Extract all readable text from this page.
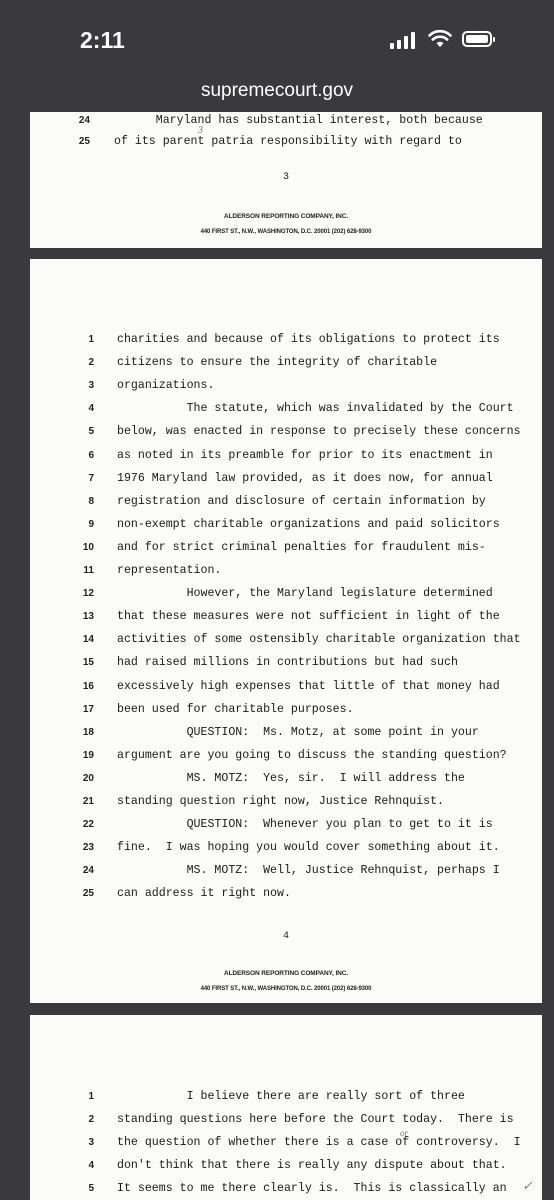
2:11
supremecourt.gov
24 Maryland has substantial interest, both because
25 of its parent patria responsibility with regard to
3
3
ALDERSON REPORTING COMPANY, INC.
440 FIRST ST., N.W., WASHINGTON, D.C. 20001 (202) 628-9300
1 charities and because of its obligations to protect its
2 citizens to ensure the integrity of charitable
3 organizations.
4 The statute, which was invalidated by the Court
5 below, was enacted in response to precisely these concerns
6 as noted in its preamble for prior to its enactment in
7 1976 Maryland law provided, as it does now, for annual
8 registration and disclosure of certain information by
9 non-exempt charitable organizations and paid solicitors
10 and for strict criminal penalties for fraudulent mis-
11 representation.
12 However, the Maryland legislature determined
13 that these measures were not sufficient in light of the
14 activities of some ostensibly charitable organization that
15 had raised millions in contributions but had such
16 excessively high expenses that little of that money had
17 been used for charitable purposes.
18 QUESTION:  Ms. Motz, at some point in your
19 argument are you going to discuss the standing question?
20 MS. MOTZ:  Yes, sir.  I will address the
21 standing question right now, Justice Rehnquist.
22 QUESTION:  Whenever you plan to get to it is
23 fine.  I was hoping you would cover something about it.
24 MS. MOTZ:  Well, Justice Rehnquist, perhaps I
25 can address it right now.
4
ALDERSON REPORTING COMPANY, INC.
440 FIRST ST., N.W., WASHINGTON, D.C. 20001 (202) 628-9300
1 I believe there are really sort of three
2 standing questions here before the Court today.  There is
3 the question of whether there is a case of controversy.  I
4 don't think that there is really any dispute about that.
5 It seems to me there clearly is.  This is classically an
or
✓
